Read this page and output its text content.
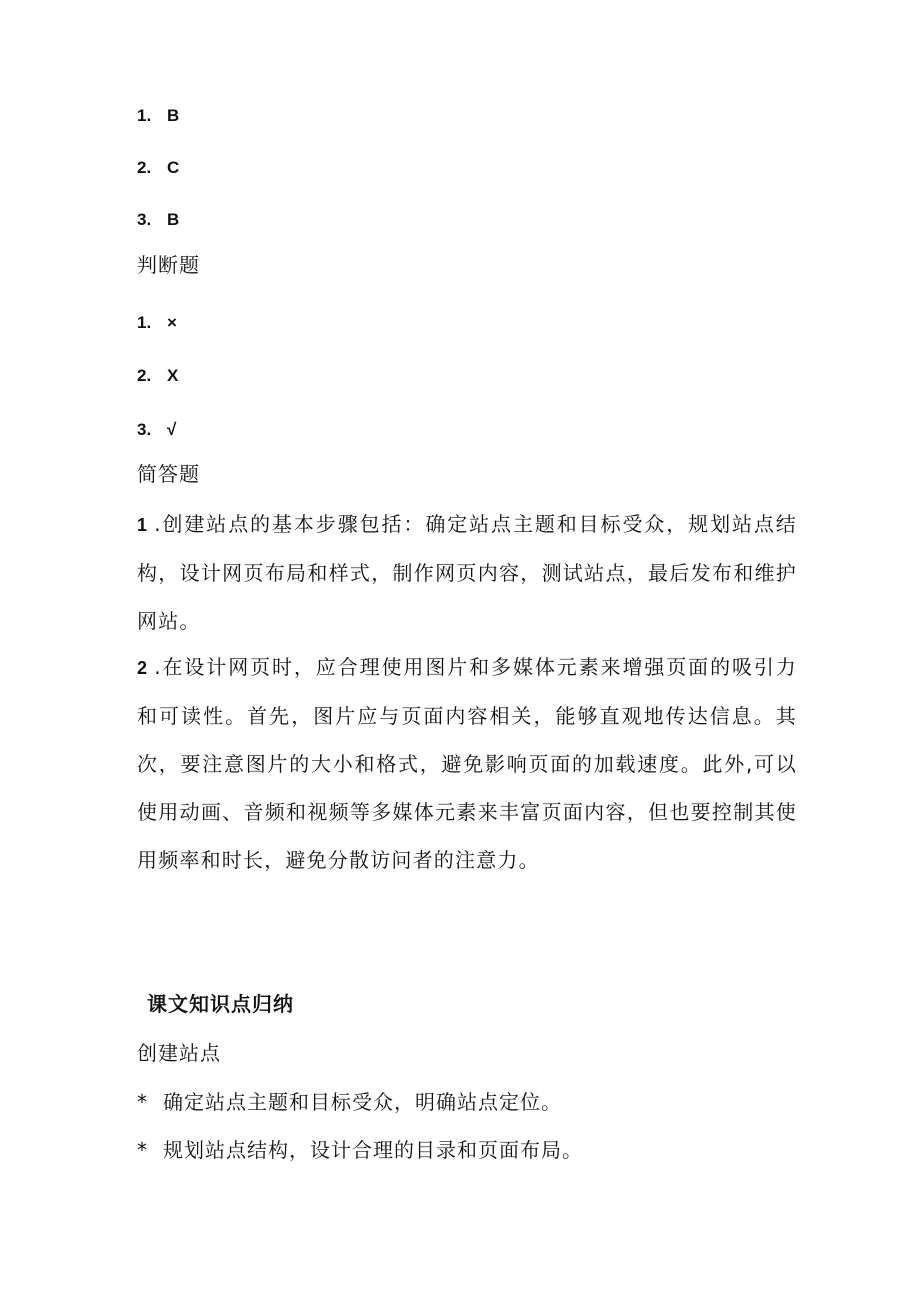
1. B
2. C
3. B
判断题
1. ×
2. X
3. √
简答题
1 .创建站点的基本步骤包括：确定站点主题和目标受众，规划站点结构，设计网页布局和样式，制作网页内容，测试站点，最后发布和维护网站。
2 .在设计网页时，应合理使用图片和多媒体元素来增强页面的吸引力和可读性。首先，图片应与页面内容相关，能够直观地传达信息。其次，要注意图片的大小和格式，避免影响页面的加载速度。此外,可以使用动画、音频和视频等多媒体元素来丰富页面内容，但也要控制其使用频率和时长，避免分散访问者的注意力。
课文知识点归纳
创建站点
* 确定站点主题和目标受众，明确站点定位。
* 规划站点结构，设计合理的目录和页面布局。
